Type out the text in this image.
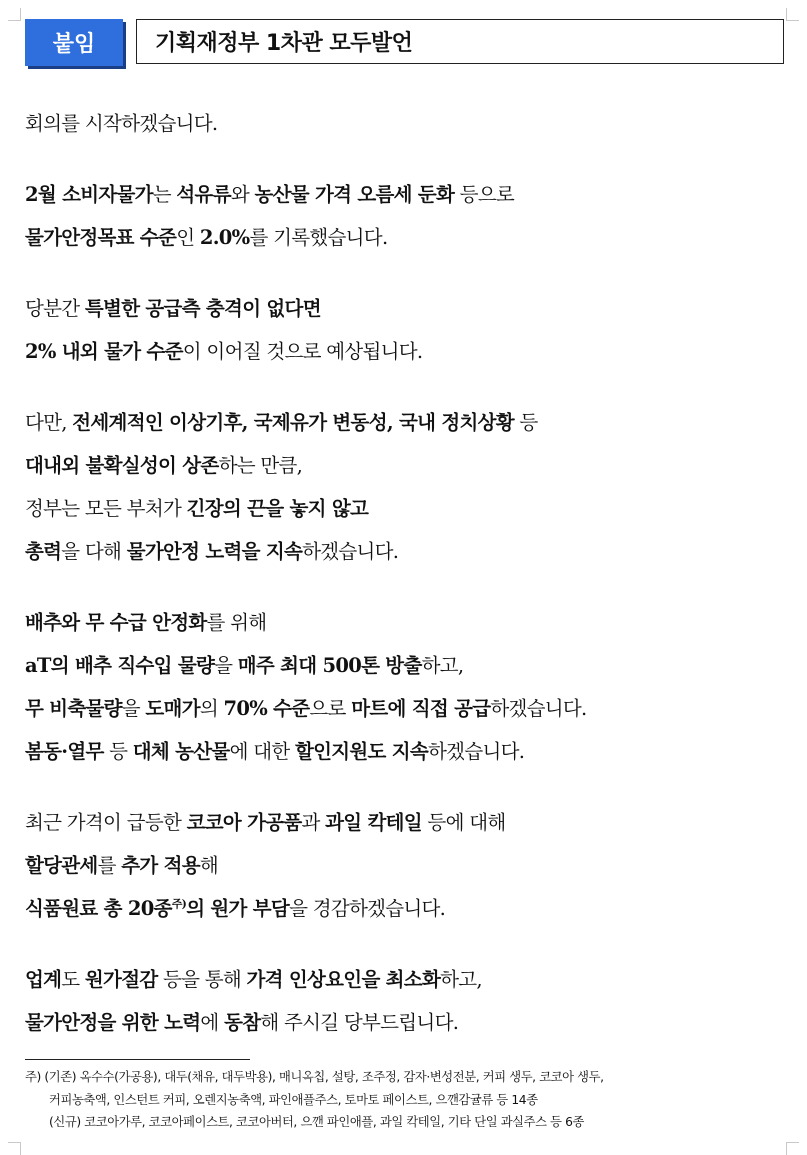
붙임	기획재정부 1차관 모두발언
회의를 시작하겠습니다.
2월 소비자물가는 석유류와 농산물 가격 오름세 둔화 등으로
물가안정목표 수준인 2.0%를 기록했습니다.
당분간 특별한 공급측 충격이 없다면
2% 내외 물가 수준이 이어질 것으로 예상됩니다.
다만, 전세계적인 이상기후, 국제유가 변동성, 국내 정치상황 등
대내외 불확실성이 상존하는 만큼,
정부는 모든 부처가 긴장의 끈을 놓지 않고
총력을 다해 물가안정 노력을 지속하겠습니다.
배추와 무 수급 안정화를 위해
aT의 배추 직수입 물량을 매주 최대 500톤 방출하고,
무 비축물량을 도매가의 70% 수준으로 마트에 직접 공급하겠습니다.
봄동·열무 등 대체 농산물에 대한 할인지원도 지속하겠습니다.
최근 가격이 급등한 코코아 가공품과 과일 칵테일 등에 대해
할당관세를 추가 적용해
식품원료 총 20종$^{주)}$의 원가 부담을 경감하겠습니다.
업계도 원가절감 등을 통해 가격 인상요인을 최소화하고,
물가안정을 위한 노력에 동참해 주시길 당부드립니다.
주) (기존) 옥수수(가공용), 대두(채유, 대두박용), 매니옥칩, 설탕, 조주정, 감자·변성전분, 커피 생두, 코코아 생두,
커피농축액, 인스턴트 커피, 오렌지농축액, 파인애플주스, 토마토 페이스트, 으깬감귤류 등 14종
(신규) 코코아가루, 코코아페이스트, 코코아버터, 으깬 파인애플, 과일 칵테일, 기타 단일 과실주스 등 6종
